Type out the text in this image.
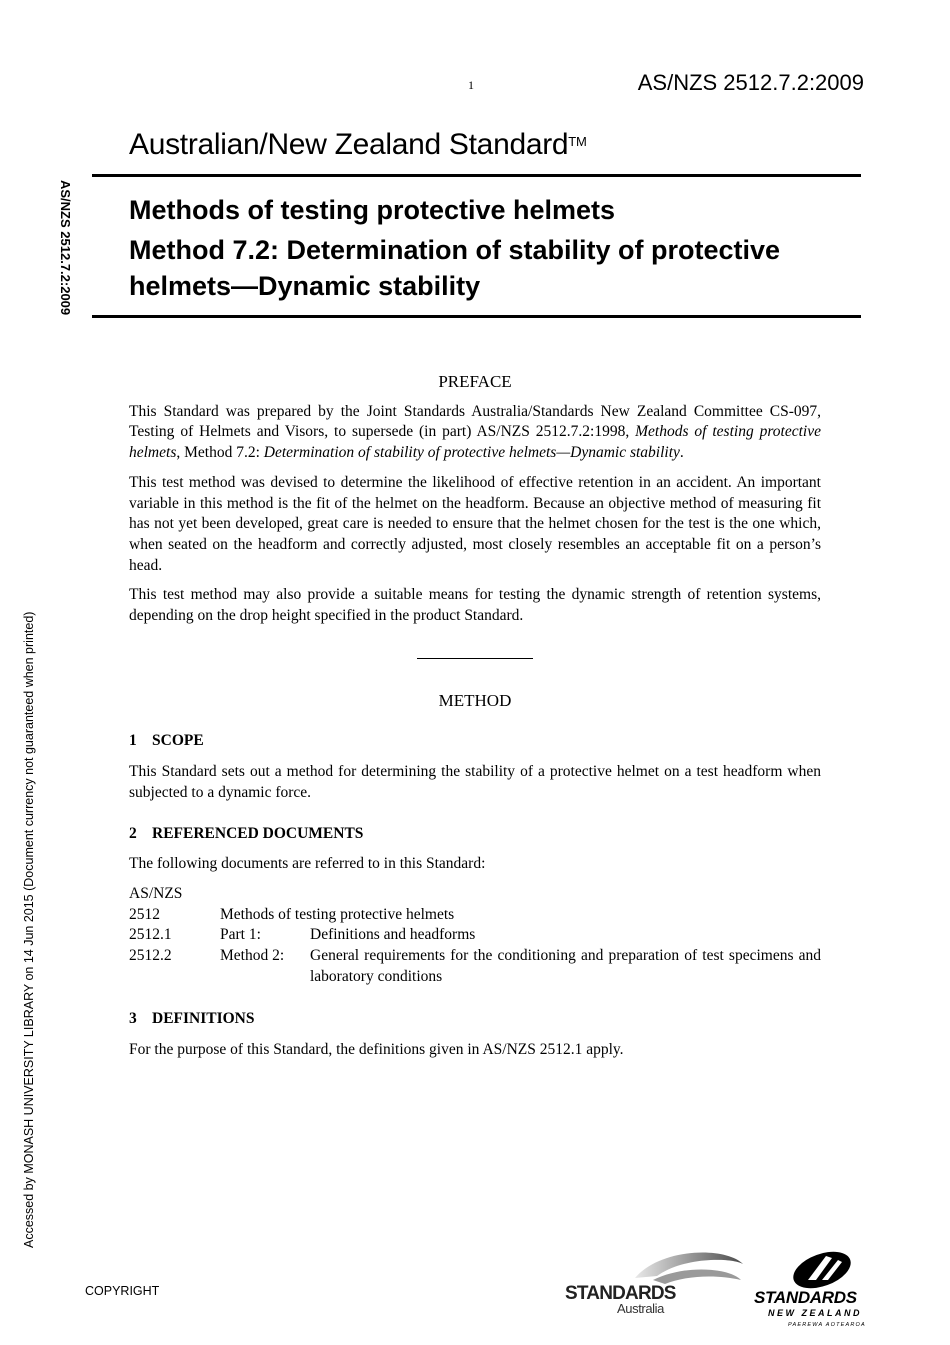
1	AS/NZS 2512.7.2:2009
Australian/New Zealand Standard™
Methods of testing protective helmets
Method 7.2: Determination of stability of protective helmets—Dynamic stability
AS/NZS 2512.7.2:2009
Accessed by MONASH UNIVERSITY LIBRARY on 14 Jun 2015 (Document currency not guaranteed when printed)
PREFACE

This Standard was prepared by the Joint Standards Australia/Standards New Zealand Committee CS-097, Testing of Helmets and Visors, to supersede (in part) AS/NZS 2512.7.2:1998, Methods of testing protective helmets, Method 7.2: Determination of stability of protective helmets—Dynamic stability.

This test method was devised to determine the likelihood of effective retention in an accident. An important variable in this method is the fit of the helmet on the headform. Because an objective method of measuring fit has not yet been developed, great care is needed to ensure that the helmet chosen for the test is the one which, when seated on the headform and correctly adjusted, most closely resembles an acceptable fit on a person’s head.

This test method may also provide a suitable means for testing the dynamic strength of retention systems, depending on the drop height specified in the product Standard.

METHOD
1 SCOPE

This Standard sets out a method for determining the stability of a protective helmet on a test headform when subjected to a dynamic force.

2 REFERENCED DOCUMENTS

The following documents are referred to in this Standard:

AS/NZS
2512	Methods of testing protective helmets
2512.1	Part 1:	Definitions and headforms
2512.2	Method 2:	General requirements for the conditioning and preparation of test specimens and laboratory conditions
3 DEFINITIONS

For the purpose of this Standard, the definitions given in AS/NZS 2512.1 apply.

COPYRIGHT	STANDARDS
Australia
STANDARDS
NEW ZEALAND
PAEREWA AOTEAROA
